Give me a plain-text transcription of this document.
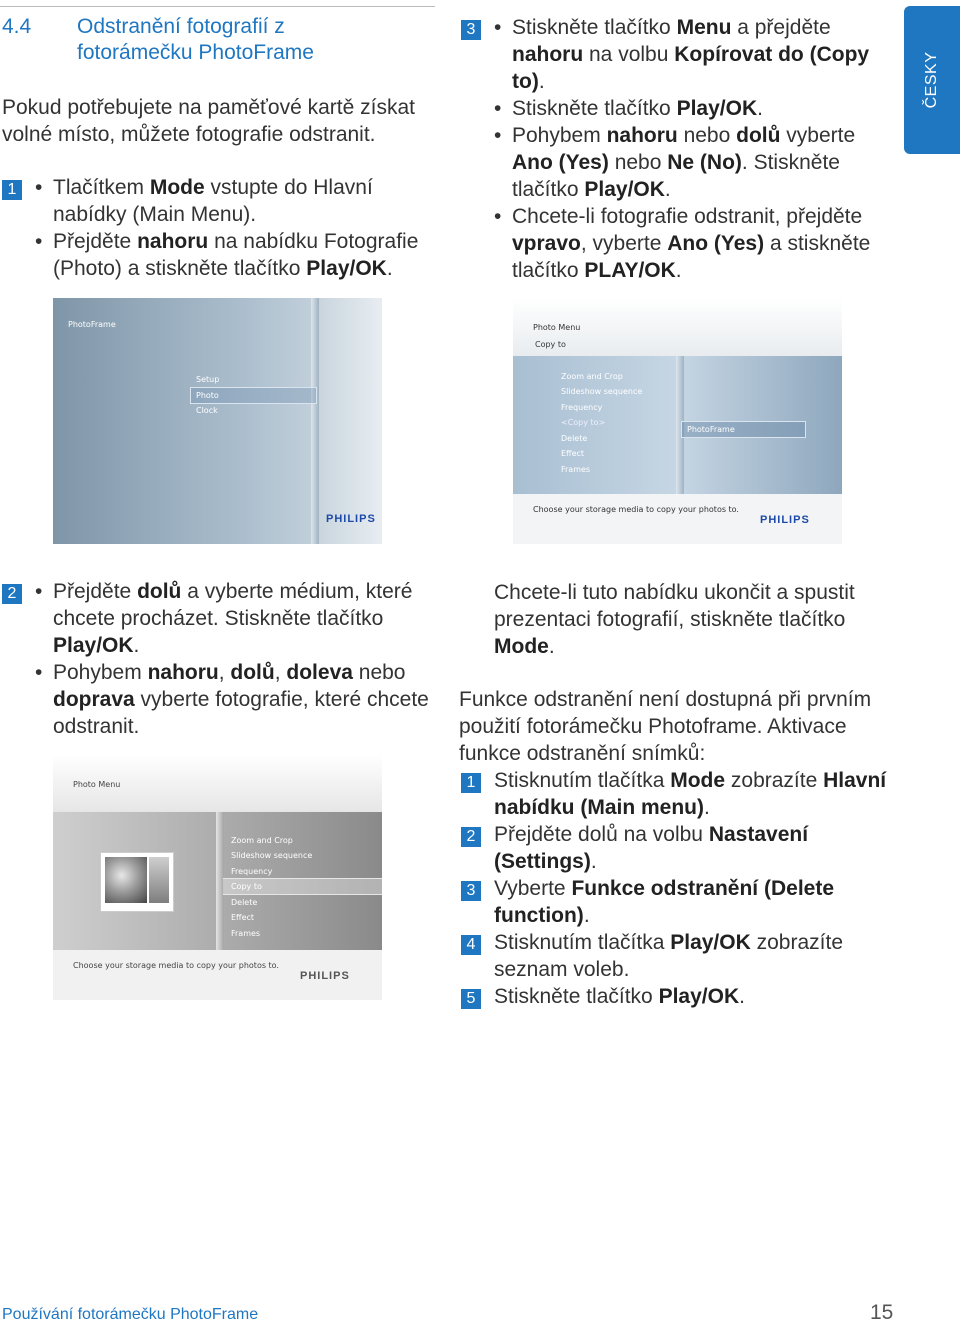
4.4 Odstranění fotografií z
fotorámečku PhotoFrame
Pokud potřebujete na paměťové kartě získat volné místo, můžete fotografie odstranit.
1	• Tlačítkem Mode vstupte do Hlavní nabídky (Main Menu).
• Přejděte nahoru na nabídku Fotografie (Photo) a stiskněte tlačítko Play/OK.
3	• Stiskněte tlačítko Menu a přejděte nahoru na volbu Kopírovat do (Copy to).
• Stiskněte tlačítko Play/OK.
• Pohybem nahoru nebo dolů vyberte Ano (Yes) nebo Ne (No). Stiskněte tlačítko Play/OK.
• Chcete-li fotografie odstranit, přejděte vpravo, vyberte Ano (Yes) a stiskněte tlačítko PLAY/OK.
ČESKY
PhotoFrame
Setup
Photo
Clock
PHILIPS
Photo Menu
Copy to
Zoom and Crop
Slideshow sequence
Frequency
<Copy to>
Delete
Effect
Frames
PhotoFrame
Choose your storage media to copy your photos to.
PHILIPS
2	• Přejděte dolů a vyberte médium, které chcete procházet. Stiskněte tlačítko Play/OK.
• Pohybem nahoru, dolů, doleva nebo doprava vyberte fotografie, které chcete odstranit.
Photo Menu
Zoom and Crop
Slideshow sequence
Frequency
Copy to
Delete
Effect
Frames
Choose your storage media to copy your photos to.
PHILIPS
Chcete-li tuto nabídku ukončit a spustit prezentaci fotografií, stiskněte tlačítko Mode.
Funkce odstranění není dostupná při prvním použití fotorámečku Photoframe. Aktivace funkce odstranění snímků:
1 Stisknutím tlačítka Mode zobrazíte Hlavní nabídku (Main menu).
2 Přejděte dolů na volbu Nastavení (Settings).
3 Vyberte Funkce odstranění (Delete function).
4 Stisknutím tlačítka Play/OK zobrazíte seznam voleb.
5 Stiskněte tlačítko Play/OK.
Používání fotorámečku PhotoFrame	15
